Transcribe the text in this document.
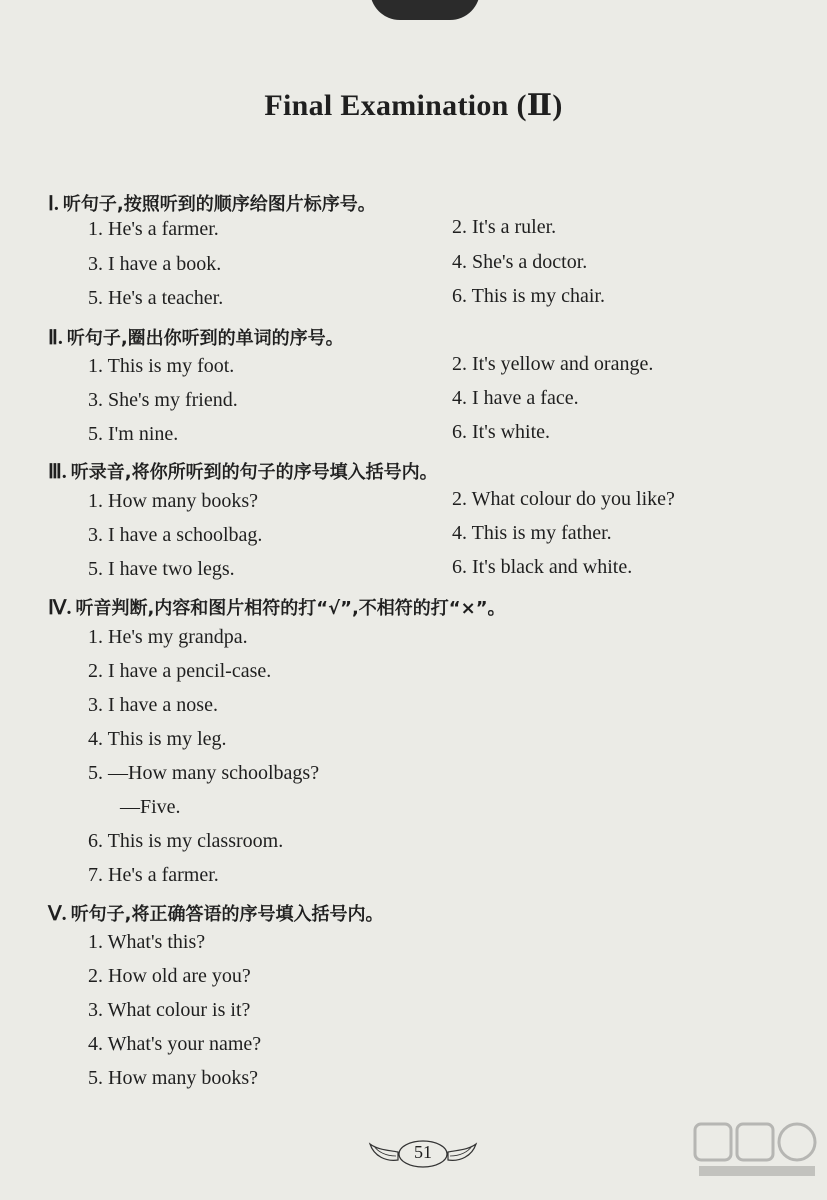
Final Examination (Ⅱ)
Ⅰ. 听句子,按照听到的顺序给图片标序号。
1. He's a farmer.	2. It's a ruler.
3. I have a book.	4. She's a doctor.
5. He's a teacher.	6. This is my chair.
Ⅱ. 听句子,圈出你听到的单词的序号。
1. This is my foot.	2. It's yellow and orange.
3. She's my friend.	4. I have a face.
5. I'm nine.	6. It's white.
Ⅲ. 听录音,将你所听到的句子的序号填入括号内。
1. How many books?	2. What colour do you like?
3. I have a schoolbag.	4. This is my father.
5. I have two legs.	6. It's black and white.
Ⅳ. 听音判断,内容和图片相符的打“√”,不相符的打“×”。
1. He's my grandpa.
2. I have a pencil-case.
3. I have a nose.
4. This is my leg.
5. —How many schoolbags?
—Five.
6. This is my classroom.
7. He's a farmer.
Ⅴ. 听句子,将正确答语的序号填入括号内。
1. What's this?
2. How old are you?
3. What colour is it?
4. What's your name?
5. How many books?
51
